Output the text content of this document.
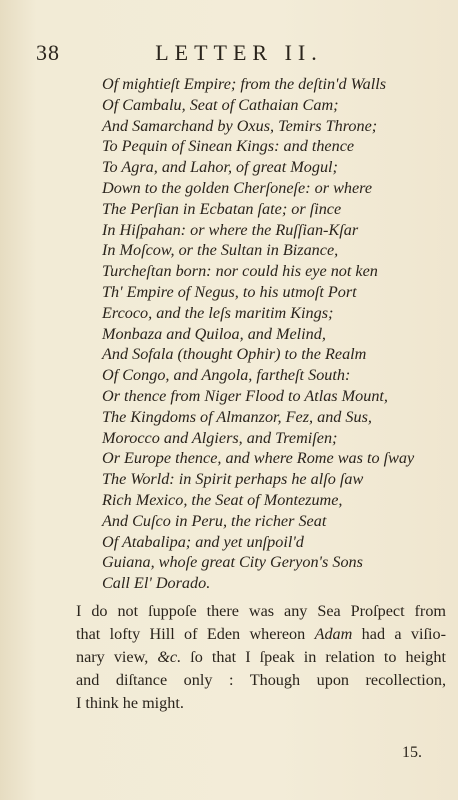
38	LETTER II.
Of mightieſt Empire; from the deſtin'd Walls
Of Cambalu, Seat of Cathaian Cam;
And Samarchand by Oxus, Temirs Throne;
To Pequin of Sinean Kings: and thence
To Agra, and Lahor, of great Mogul;
Down to the golden Cherſoneſe: or where
The Perſian in Ecbatan ſate; or ſince
In Hiſpahan: or where the Ruſſian-Kſar
In Moſcow, or the Sultan in Bizance,
Turcheſtan born: nor could his eye not ken
Th' Empire of Negus, to his utmoſt Port
Ercoco, and the leſs maritim Kings;
Monbaza and Quiloa, and Melind,
And Sofala (thought Ophir) to the Realm
Of Congo, and Angola, fartheſt South:
Or thence from Niger Flood to Atlas Mount,
The Kingdoms of Almanzor, Fez, and Sus,
Morocco and Algiers, and Tremiſen;
Or Europe thence, and where Rome was to ſway
The World: in Spirit perhaps he alſo ſaw
Rich Mexico, the Seat of Montezume,
And Cuſco in Peru, the richer Seat
Of Atabalipa; and yet unſpoil'd
Guiana, whoſe great City Geryon's Sons
Call El' Dorado.
I do not ſuppoſe there was any Sea Proſpect from
that lofty Hill of Eden whereon Adam had a viſio-
nary view, &c. ſo that I ſpeak in relation to height
and diſtance only : Though upon recollection,
I think he might.
15.
